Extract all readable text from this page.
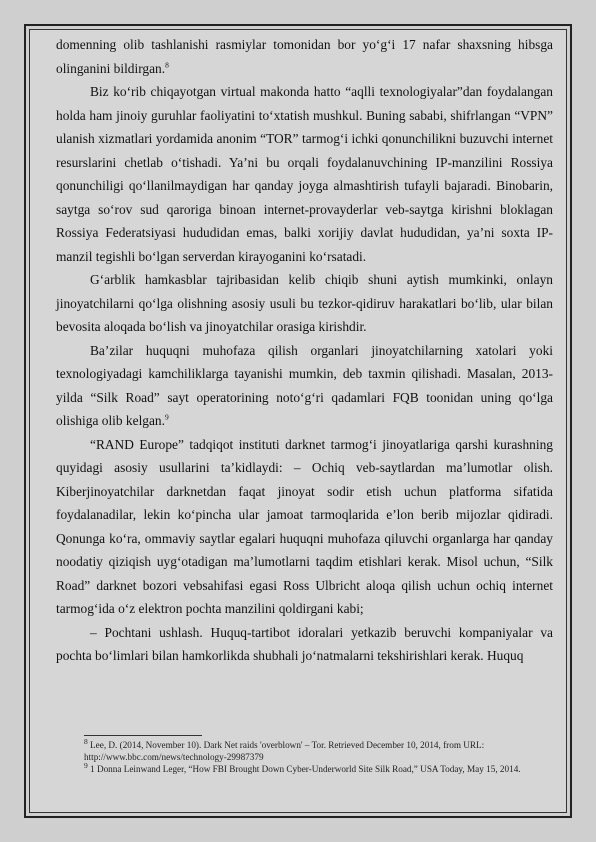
domenning olib tashlanishi rasmiylar tomonidan bor yo‘g‘i 17 nafar shaxsning hibsga olinganini bildirgan.$^8$

Biz ko‘rib chiqayotgan virtual makonda hatto “aqlli texnologiyalar”dan foydalangan holda ham jinoiy guruhlar faoliyatini to‘xtatish mushkul. Buning sababi, shifrlangan “VPN” ulanish xizmatlari yordamida anonim “TOR” tarmog‘i ichki qonunchilikni buzuvchi internet resurslarini chetlab o‘tishadi. Ya’ni bu orqali foydalanuvchining IP-manzilini Rossiya qonunchiligi qo‘llanilmaydigan har qanday joyga almashtirish tufayli bajaradi. Binobarin, saytga so‘rov sud qaroriga binoan internet-provayderlar veb-saytga kirishni bloklagan Rossiya Federatsiyasi hududidan emas, balki xorijiy davlat hududidan, ya’ni soxta IP-manzil tegishli bo‘lgan serverdan kirayoganini ko‘rsatadi.

G‘arblik hamkasblar tajribasidan kelib chiqib shuni aytish mumkinki, onlayn jinoyatchilarni qo‘lga olishning asosiy usuli bu tezkor-qidiruv harakatlari bo‘lib, ular bilan bevosita aloqada bo‘lish va jinoyatchilar orasiga kirishdir.

Ba’zilar huquqni muhofaza qilish organlari jinoyatchilarning xatolari yoki texnologiyadagi kamchiliklarga tayanishi mumkin, deb taxmin qilishadi. Masalan, 2013-yilda “Silk Road” sayt operatorining noto‘g‘ri qadamlari FQB toonidan uning qo‘lga olishiga olib kelgan.$^9$

“RAND Europe” tadqiqot instituti darknet tarmog‘i jinoyatlariga qarshi kurashning quyidagi asosiy usullarini ta’kidlaydi: – Ochiq veb-saytlardan ma’lumotlar olish. Kiberjinoyatchilar darknetdan faqat jinoyat sodir etish uchun platforma sifatida foydalanadilar, lekin ko‘pincha ular jamoat tarmoqlarida e’lon berib mijozlar qidiradi. Qonunga ko‘ra, ommaviy saytlar egalari huquqni muhofaza qiluvchi organlarga har qanday noodatiy qiziqish uyg‘otadigan ma’lumotlarni taqdim etishlari kerak. Misol uchun, “Silk Road” darknet bozori vebsahifasi egasi Ross Ulbricht aloqa qilish uchun ochiq internet tarmog‘ida o‘z elektron pochta manzilini qoldirgani kabi;

– Pochtani ushlash. Huquq-tartibot idoralari yetkazib beruvchi kompaniyalar va pochta bo‘limlari bilan hamkorlikda shubhali jo‘natmalarni tekshirishlari kerak. Huquq

$^8$ Lee, D. (2014, November 10). Dark Net raids 'overblown' – Tor. Retrieved December 10, 2014, from URL: http://www.bbc.com/news/technology-29987379

$^9$ 1 Donna Leinwand Leger, “How FBI Brought Down Cyber-Underworld Site Silk Road,” USA Today, May 15, 2014.
